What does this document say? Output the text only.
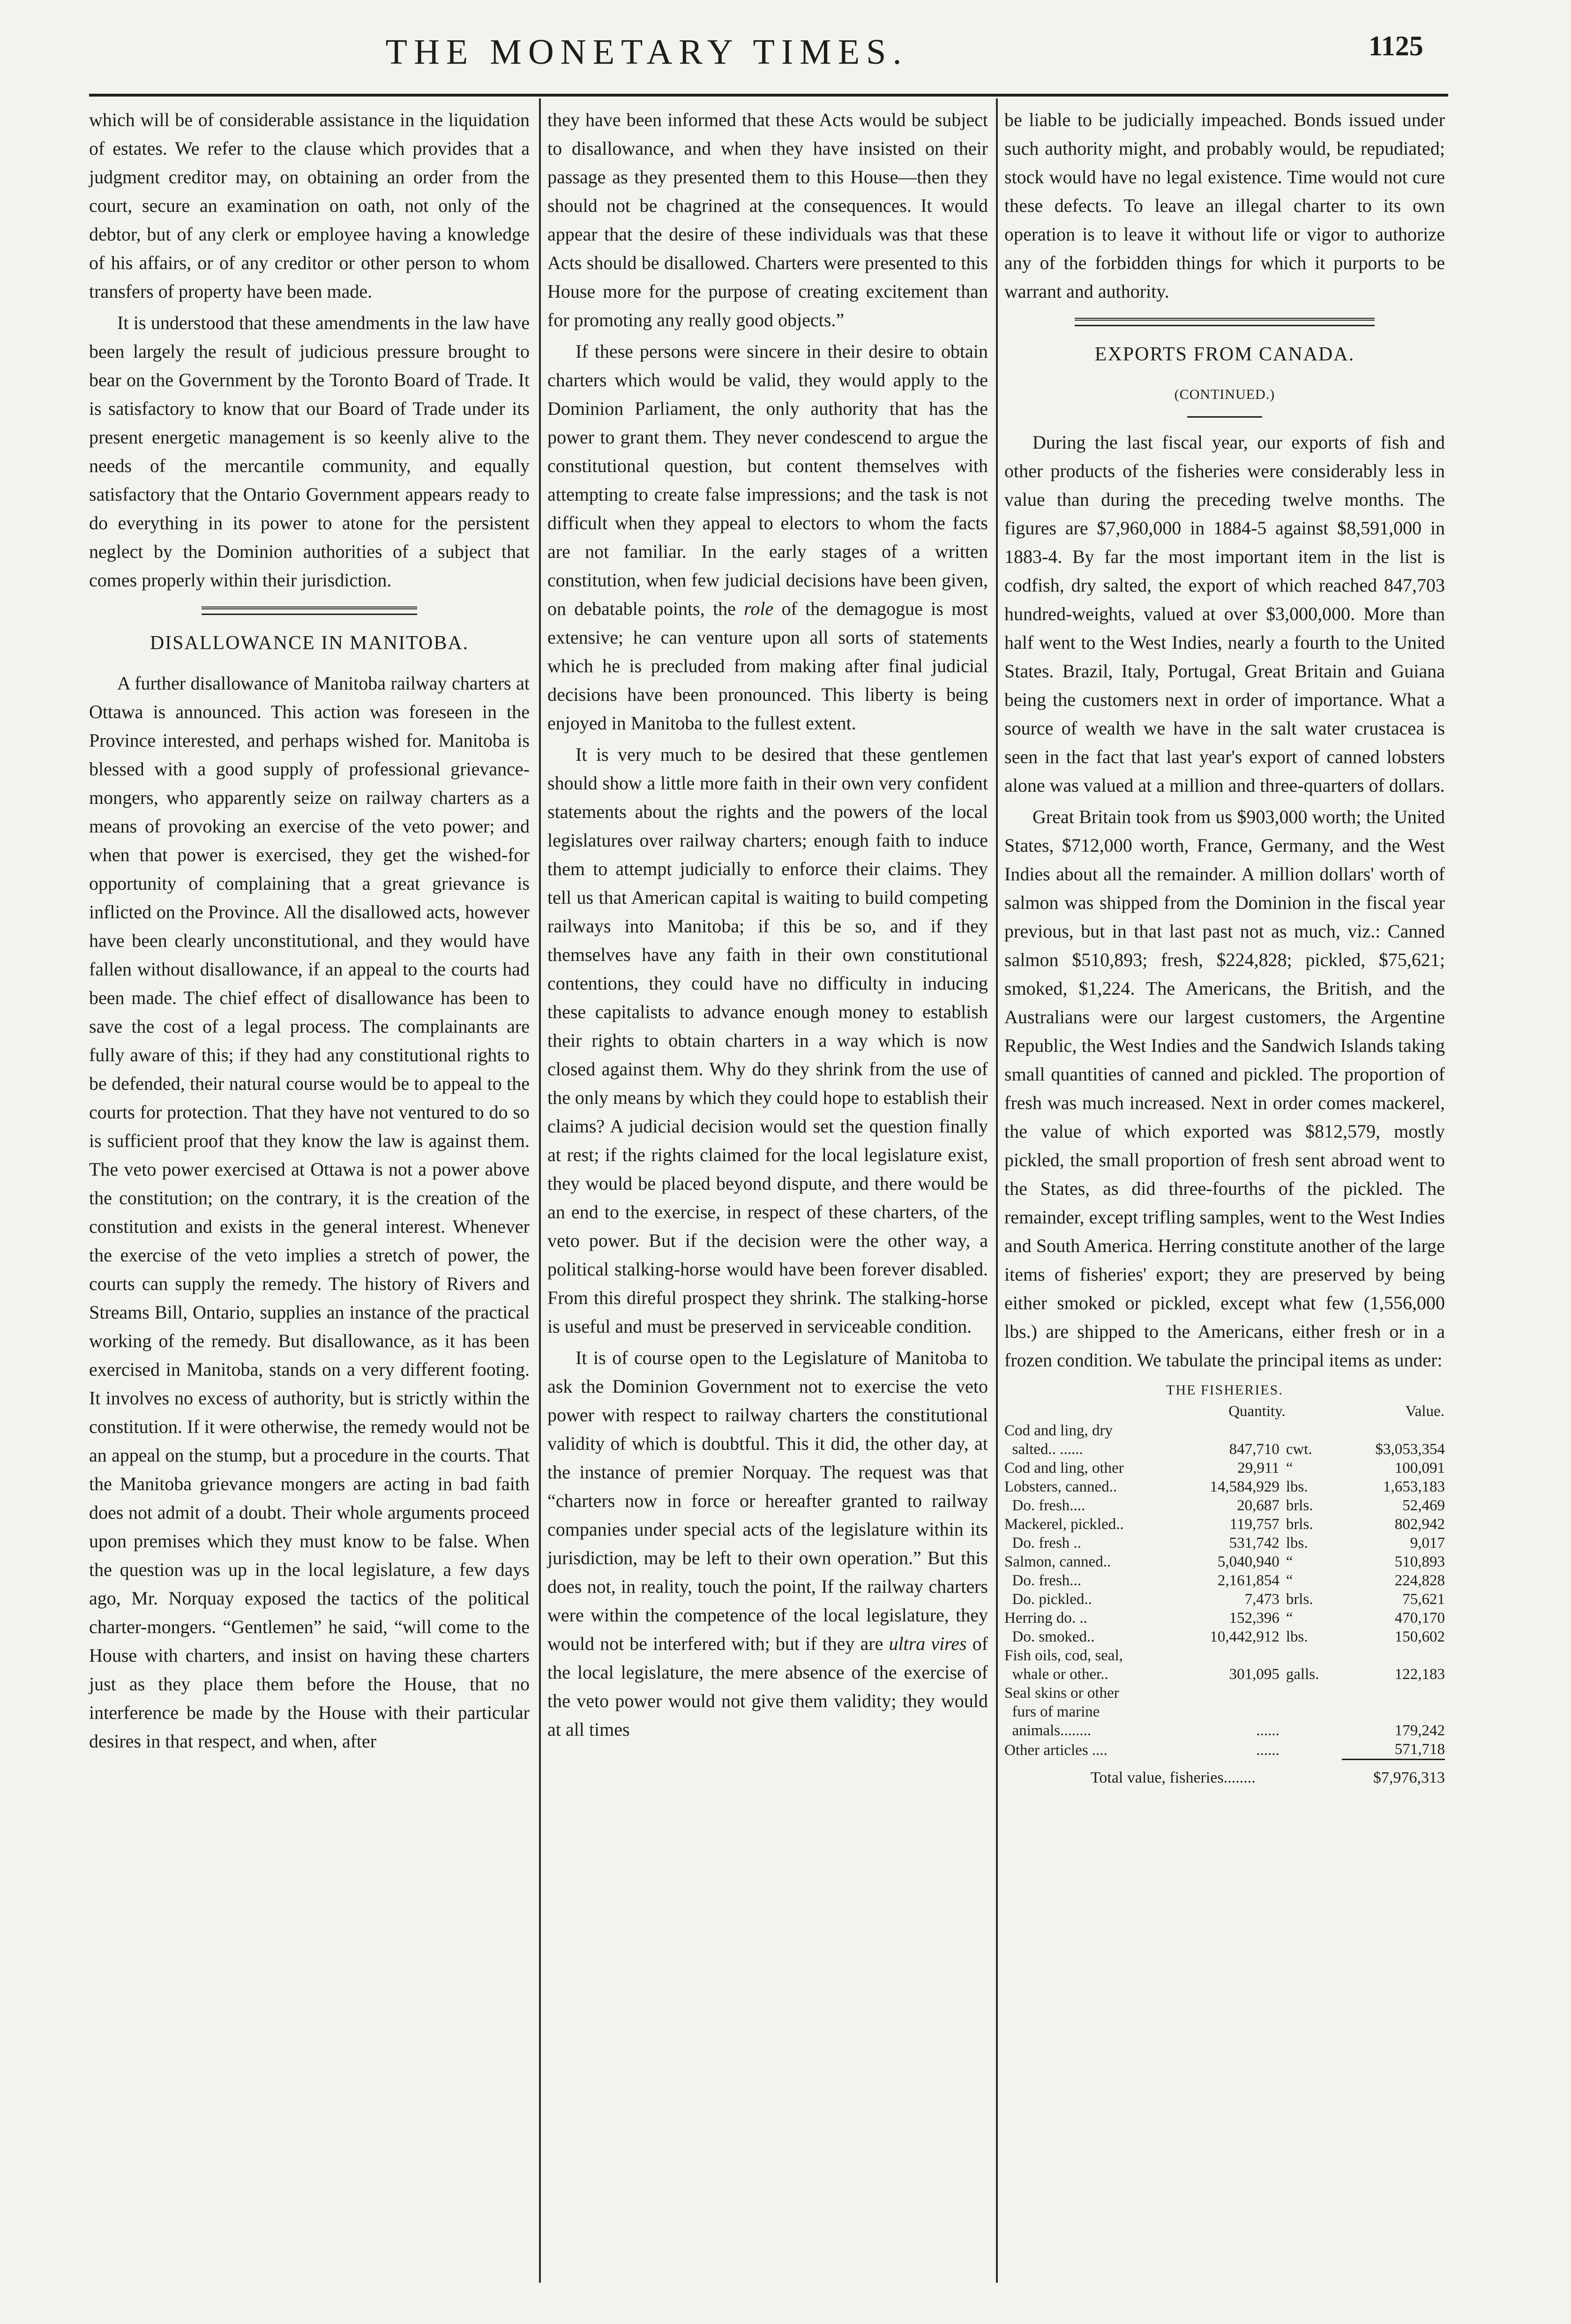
THE MONETARY TIMES.	1125

which will be of considerable assistance in the liquidation of estates. We refer to the clause which provides that a judgment creditor may, on obtaining an order from the court, secure an examination on oath, not only of the debtor, but of any clerk or employee having a knowledge of his affairs, or of any creditor or other person to whom transfers of property have been made.

It is understood that these amendments in the law have been largely the result of judicious pressure brought to bear on the Government by the Toronto Board of Trade. It is satisfactory to know that our Board of Trade under its present energetic management is so keenly alive to the needs of the mercantile community, and equally satisfactory that the Ontario Government appears ready to do everything in its power to atone for the persistent neglect by the Dominion authorities of a subject that comes properly within their jurisdiction.

DISALLOWANCE IN MANITOBA.

A further disallowance of Manitoba railway charters at Ottawa is announced. This action was foreseen in the Province interested, and perhaps wished for. Manitoba is blessed with a good supply of professional grievance-mongers, who apparently seize on railway charters as a means of provoking an exercise of the veto power; and when that power is exercised, they get the wished-for opportunity of complaining that a great grievance is inflicted on the Province. All the disallowed acts, however have been clearly unconstitutional, and they would have fallen without disallowance, if an appeal to the courts had been made. The chief effect of disallowance has been to save the cost of a legal process. The complainants are fully aware of this; if they had any constitutional rights to be defended, their natural course would be to appeal to the courts for protection. That they have not ventured to do so is sufficient proof that they know the law is against them. The veto power exercised at Ottawa is not a power above the constitution; on the contrary, it is the creation of the constitution and exists in the general interest. Whenever the exercise of the veto implies a stretch of power, the courts can supply the remedy. The history of Rivers and Streams Bill, Ontario, supplies an instance of the practical working of the remedy. But disallowance, as it has been exercised in Manitoba, stands on a very different footing. It involves no excess of authority, but is strictly within the constitution. If it were otherwise, the remedy would not be an appeal on the stump, but a procedure in the courts. That the Manitoba grievance mongers are acting in bad faith does not admit of a doubt. Their whole arguments proceed upon premises which they must know to be false. When the question was up in the local legislature, a few days ago, Mr. Norquay exposed the tactics of the political charter-mongers. “Gentlemen” he said, “will come to the House with charters, and insist on having these charters just as they place them before the House, that no interference be made by the House with their particular desires in that respect, and when, after

they have been informed that these Acts would be subject to disallowance, and when they have insisted on their passage as they presented them to this House—then they should not be chagrined at the consequences. It would appear that the desire of these individuals was that these Acts should be disallowed. Charters were presented to this House more for the purpose of creating excitement than for promoting any really good objects.”

If these persons were sincere in their desire to obtain charters which would be valid, they would apply to the Dominion Parliament, the only authority that has the power to grant them. They never condescend to argue the constitutional question, but content themselves with attempting to create false impressions; and the task is not difficult when they appeal to electors to whom the facts are not familiar. In the early stages of a written constitution, when few judicial decisions have been given, on debatable points, the role of the demagogue is most extensive; he can venture upon all sorts of statements which he is precluded from making after final judicial decisions have been pronounced. This liberty is being enjoyed in Manitoba to the fullest extent.

It is very much to be desired that these gentlemen should show a little more faith in their own very confident statements about the rights and the powers of the local legislatures over railway charters; enough faith to induce them to attempt judicially to enforce their claims. They tell us that American capital is waiting to build competing railways into Manitoba; if this be so, and if they themselves have any faith in their own constitutional contentions, they could have no difficulty in inducing these capitalists to advance enough money to establish their rights to obtain charters in a way which is now closed against them. Why do they shrink from the use of the only means by which they could hope to establish their claims? A judicial decision would set the question finally at rest; if the rights claimed for the local legislature exist, they would be placed beyond dispute, and there would be an end to the exercise, in respect of these charters, of the veto power. But if the decision were the other way, a political stalking-horse would have been forever disabled. From this direful prospect they shrink. The stalking-horse is useful and must be preserved in serviceable condition.

It is of course open to the Legislature of Manitoba to ask the Dominion Government not to exercise the veto power with respect to railway charters the constitutional validity of which is doubtful. This it did, the other day, at the instance of premier Norquay. The request was that “charters now in force or hereafter granted to railway companies under special acts of the legislature within its jurisdiction, may be left to their own operation.” But this does not, in reality, touch the point, If the railway charters were within the competence of the local legislature, they would not be interfered with; but if they are ultra vires of the local legislature, the mere absence of the exercise of the veto power would not give them validity; they would at all times

be liable to be judicially impeached. Bonds issued under such authority might, and probably would, be repudiated; stock would have no legal existence. Time would not cure these defects. To leave an illegal charter to its own operation is to leave it without life or vigor to authorize any of the forbidden things for which it purports to be warrant and authority.

EXPORTS FROM CANADA.
(CONTINUED.)

During the last fiscal year, our exports of fish and other products of the fisheries were considerably less in value than during the preceding twelve months. The figures are $7,960,000 in 1884-5 against $8,591,000 in 1883-4. By far the most important item in the list is codfish, dry salted, the export of which reached 847,703 hundred-weights, valued at over $3,000,000. More than half went to the West Indies, nearly a fourth to the United States. Brazil, Italy, Portugal, Great Britain and Guiana being the customers next in order of importance. What a source of wealth we have in the salt water crustacea is seen in the fact that last year's export of canned lobsters alone was valued at a million and three-quarters of dollars.

Great Britain took from us $903,000 worth; the United States, $712,000 worth, France, Germany, and the West Indies about all the remainder. A million dollars' worth of salmon was shipped from the Dominion in the fiscal year previous, but in that last past not as much, viz.: Canned salmon $510,893; fresh, $224,828; pickled, $75,621; smoked, $1,224. The Americans, the British, and the Australians were our largest customers, the Argentine Republic, the West Indies and the Sandwich Islands taking small quantities of canned and pickled. The proportion of fresh was much increased. Next in order comes mackerel, the value of which exported was $812,579, mostly pickled, the small proportion of fresh sent abroad went to the States, as did three-fourths of the pickled. The remainder, except trifling samples, went to the West Indies and South America. Herring constitute another of the large items of fisheries' export; they are preserved by being either smoked or pickled, except what few (1,556,000 lbs.) are shipped to the Americans, either fresh or in a frozen condition. We tabulate the principal items as under:

THE FISHERIES.
	Quantity.		Value.
Cod and ling, dry			
salted.. ......	847,710	cwt.	$3,053,354
Cod and ling, other	29,911	“	100,091
Lobsters, canned..	14,584,929	lbs.	1,653,183
Do. fresh....	20,687	brls.	52,469
Mackerel, pickled..	119,757	brls.	802,942
Do. fresh ..	531,742	lbs.	9,017
Salmon, canned..	5,040,940	“	510,893
Do. fresh...	2,161,854	“	224,828
Do. pickled..	7,473	brls.	75,621
Herring do. ..	152,396	“	470,170
Do. smoked..	10,442,912	lbs.	150,602
Fish oils, cod, seal,			
whale or other..	301,095	galls.	122,183
Seal skins or other			
furs of marine			
animals........	......		179,242
Other articles ....	......		571,718
Total value, fisheries........			$7,976,313
